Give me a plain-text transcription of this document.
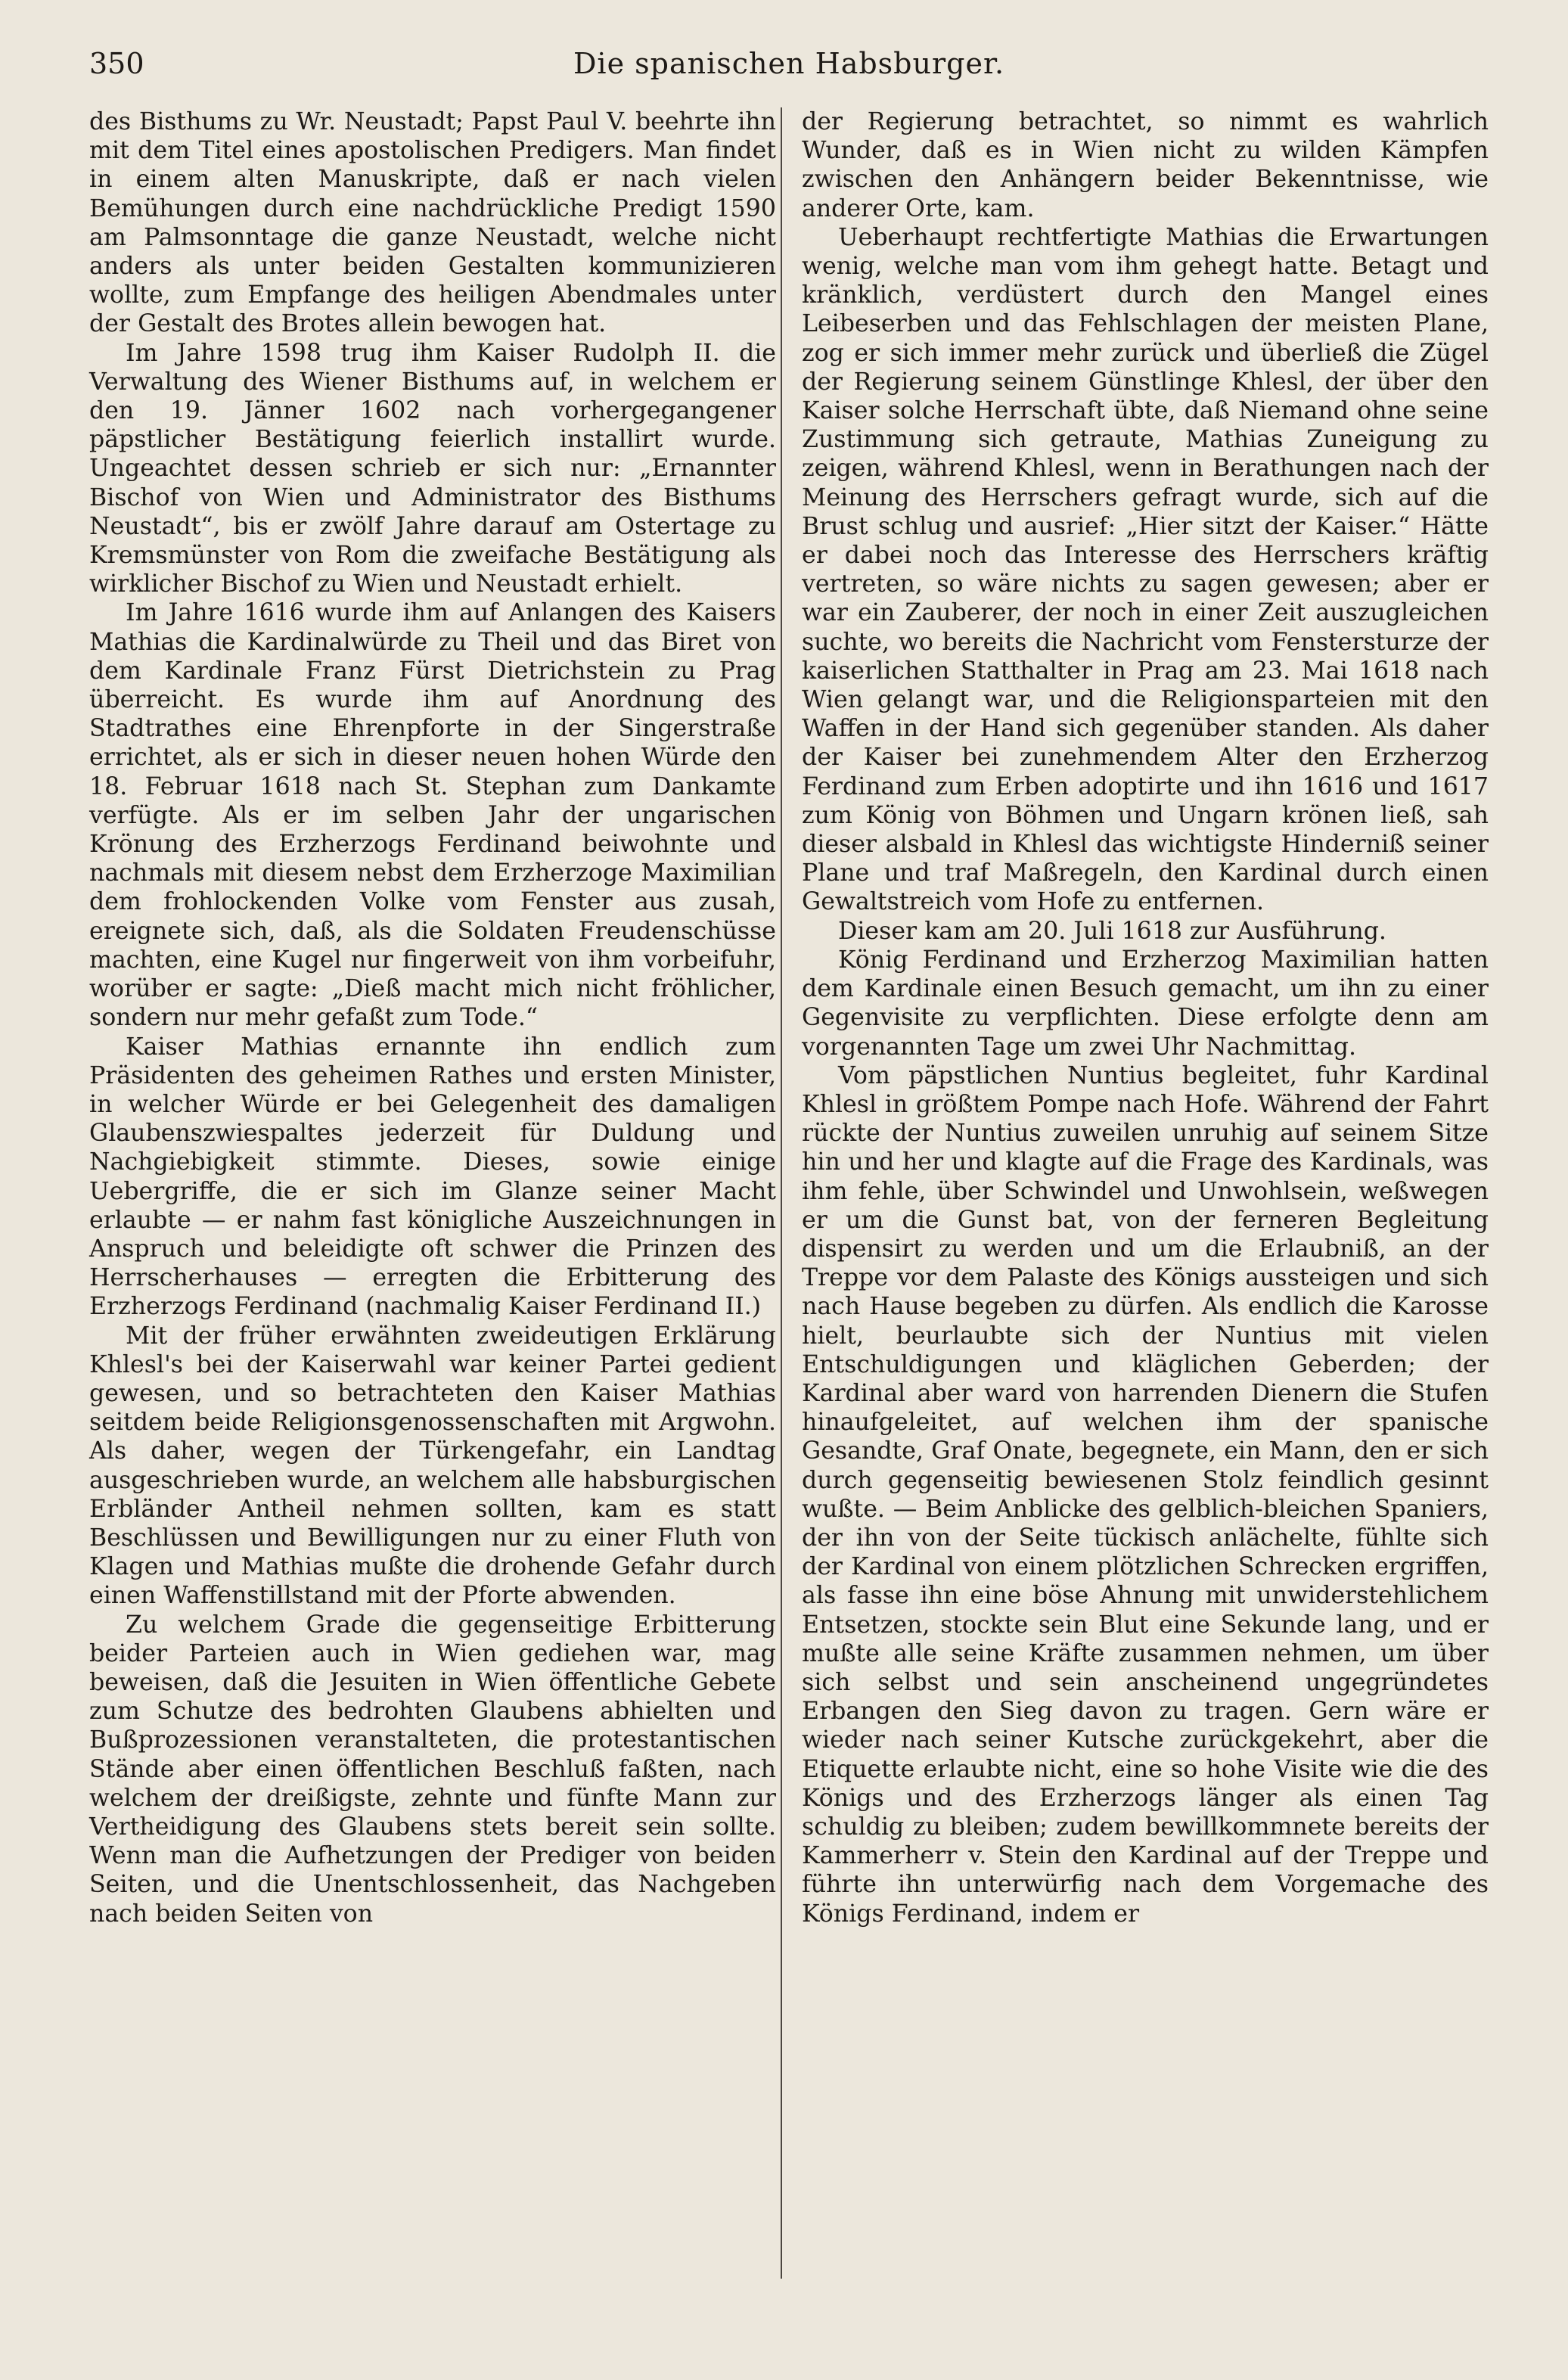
350	Die spanischen Habsburger.

des Bisthums zu Wr. Neustadt; Papst Paul V. beehrte ihn mit dem Titel eines apostolischen Predigers. Man findet in einem alten Manuskripte, daß er nach vielen Bemühungen durch eine nachdrückliche Predigt 1590 am Palmsonntage die ganze Neustadt, welche nicht anders als unter beiden Gestalten kommunizieren wollte, zum Empfange des heiligen Abendmales unter der Gestalt des Brotes allein bewogen hat.

Im Jahre 1598 trug ihm Kaiser Rudolph II. die Verwaltung des Wiener Bisthums auf, in welchem er den 19. Jänner 1602 nach vorhergegangener päpstlicher Bestätigung feierlich installirt wurde. Ungeachtet dessen schrieb er sich nur: „Ernannter Bischof von Wien und Administrator des Bisthums Neustadt“, bis er zwölf Jahre darauf am Ostertage zu Kremsmünster von Rom die zweifache Bestätigung als wirklicher Bischof zu Wien und Neustadt erhielt.

Im Jahre 1616 wurde ihm auf Anlangen des Kaisers Mathias die Kardinalwürde zu Theil und das Biret von dem Kardinale Franz Fürst Dietrichstein zu Prag überreicht. Es wurde ihm auf Anordnung des Stadtrathes eine Ehrenpforte in der Singerstraße errichtet, als er sich in dieser neuen hohen Würde den 18. Februar 1618 nach St. Stephan zum Dankamte verfügte. Als er im selben Jahr der ungarischen Krönung des Erzherzogs Ferdinand beiwohnte und nachmals mit diesem nebst dem Erzherzoge Maximilian dem frohlockenden Volke vom Fenster aus zusah, ereignete sich, daß, als die Soldaten Freudenschüsse machten, eine Kugel nur fingerweit von ihm vorbeifuhr, worüber er sagte: „Dieß macht mich nicht fröhlicher, sondern nur mehr gefaßt zum Tode.“

Kaiser Mathias ernannte ihn endlich zum Präsidenten des geheimen Rathes und ersten Minister, in welcher Würde er bei Gelegenheit des damaligen Glaubenszwiespaltes jederzeit für Duldung und Nachgiebigkeit stimmte. Dieses, sowie einige Uebergriffe, die er sich im Glanze seiner Macht erlaubte — er nahm fast königliche Auszeichnungen in Anspruch und beleidigte oft schwer die Prinzen des Herrscherhauses — erregten die Erbitterung des Erzherzogs Ferdinand (nachmalig Kaiser Ferdinand II.)

Mit der früher erwähnten zweideutigen Erklärung Khlesl's bei der Kaiserwahl war keiner Partei gedient gewesen, und so betrachteten den Kaiser Mathias seitdem beide Religionsgenossenschaften mit Argwohn. Als daher, wegen der Türkengefahr, ein Landtag ausgeschrieben wurde, an welchem alle habsburgischen Erbländer Antheil nehmen sollten, kam es statt Beschlüssen und Bewilligungen nur zu einer Fluth von Klagen und Mathias mußte die drohende Gefahr durch einen Waffenstillstand mit der Pforte abwenden.

Zu welchem Grade die gegenseitige Erbitterung beider Parteien auch in Wien gediehen war, mag beweisen, daß die Jesuiten in Wien öffentliche Gebete zum Schutze des bedrohten Glaubens abhielten und Bußprozessionen veranstalteten, die protestantischen Stände aber einen öffentlichen Beschluß faßten, nach welchem der dreißigste, zehnte und fünfte Mann zur Vertheidigung des Glaubens stets bereit sein sollte. Wenn man die Aufhetzungen der Prediger von beiden Seiten, und die Unentschlossenheit, das Nachgeben nach beiden Seiten von

der Regierung betrachtet, so nimmt es wahrlich Wunder, daß es in Wien nicht zu wilden Kämpfen zwischen den Anhängern beider Bekenntnisse, wie anderer Orte, kam.

Ueberhaupt rechtfertigte Mathias die Erwartungen wenig, welche man vom ihm gehegt hatte. Betagt und kränklich, verdüstert durch den Mangel eines Leibeserben und das Fehlschlagen der meisten Plane, zog er sich immer mehr zurück und überließ die Zügel der Regierung seinem Günstlinge Khlesl, der über den Kaiser solche Herrschaft übte, daß Niemand ohne seine Zustimmung sich getraute, Mathias Zuneigung zu zeigen, während Khlesl, wenn in Berathungen nach der Meinung des Herrschers gefragt wurde, sich auf die Brust schlug und ausrief: „Hier sitzt der Kaiser.“ Hätte er dabei noch das Interesse des Herrschers kräftig vertreten, so wäre nichts zu sagen gewesen; aber er war ein Zauberer, der noch in einer Zeit auszugleichen suchte, wo bereits die Nachricht vom Fenstersturze der kaiserlichen Statthalter in Prag am 23. Mai 1618 nach Wien gelangt war, und die Religionsparteien mit den Waffen in der Hand sich gegenüber standen. Als daher der Kaiser bei zunehmendem Alter den Erzherzog Ferdinand zum Erben adoptirte und ihn 1616 und 1617 zum König von Böhmen und Ungarn krönen ließ, sah dieser alsbald in Khlesl das wichtigste Hinderniß seiner Plane und traf Maßregeln, den Kardinal durch einen Gewaltstreich vom Hofe zu entfernen.

Dieser kam am 20. Juli 1618 zur Ausführung.

König Ferdinand und Erzherzog Maximilian hatten dem Kardinale einen Besuch gemacht, um ihn zu einer Gegenvisite zu verpflichten. Diese erfolgte denn am vorgenannten Tage um zwei Uhr Nachmittag.

Vom päpstlichen Nuntius begleitet, fuhr Kardinal Khlesl in größtem Pompe nach Hofe. Während der Fahrt rückte der Nuntius zuweilen unruhig auf seinem Sitze hin und her und klagte auf die Frage des Kardinals, was ihm fehle, über Schwindel und Unwohlsein, weßwegen er um die Gunst bat, von der ferneren Begleitung dispensirt zu werden und um die Erlaubniß, an der Treppe vor dem Palaste des Königs aussteigen und sich nach Hause begeben zu dürfen. Als endlich die Karosse hielt, beurlaubte sich der Nuntius mit vielen Entschuldigungen und kläglichen Geberden; der Kardinal aber ward von harrenden Dienern die Stufen hinaufgeleitet, auf welchen ihm der spanische Gesandte, Graf Onate, begegnete, ein Mann, den er sich durch gegenseitig bewiesenen Stolz feindlich gesinnt wußte. — Beim Anblicke des gelblich-bleichen Spaniers, der ihn von der Seite tückisch anlächelte, fühlte sich der Kardinal von einem plötzlichen Schrecken ergriffen, als fasse ihn eine böse Ahnung mit unwiderstehlichem Entsetzen, stockte sein Blut eine Sekunde lang, und er mußte alle seine Kräfte zusammen nehmen, um über sich selbst und sein anscheinend ungegründetes Erbangen den Sieg davon zu tragen. Gern wäre er wieder nach seiner Kutsche zurückgekehrt, aber die Etiquette erlaubte nicht, eine so hohe Visite wie die des Königs und des Erzherzogs länger als einen Tag schuldig zu bleiben; zudem bewillkommnete bereits der Kammerherr v. Stein den Kardinal auf der Treppe und führte ihn unterwürfig nach dem Vorgemache des Königs Ferdinand, indem er
